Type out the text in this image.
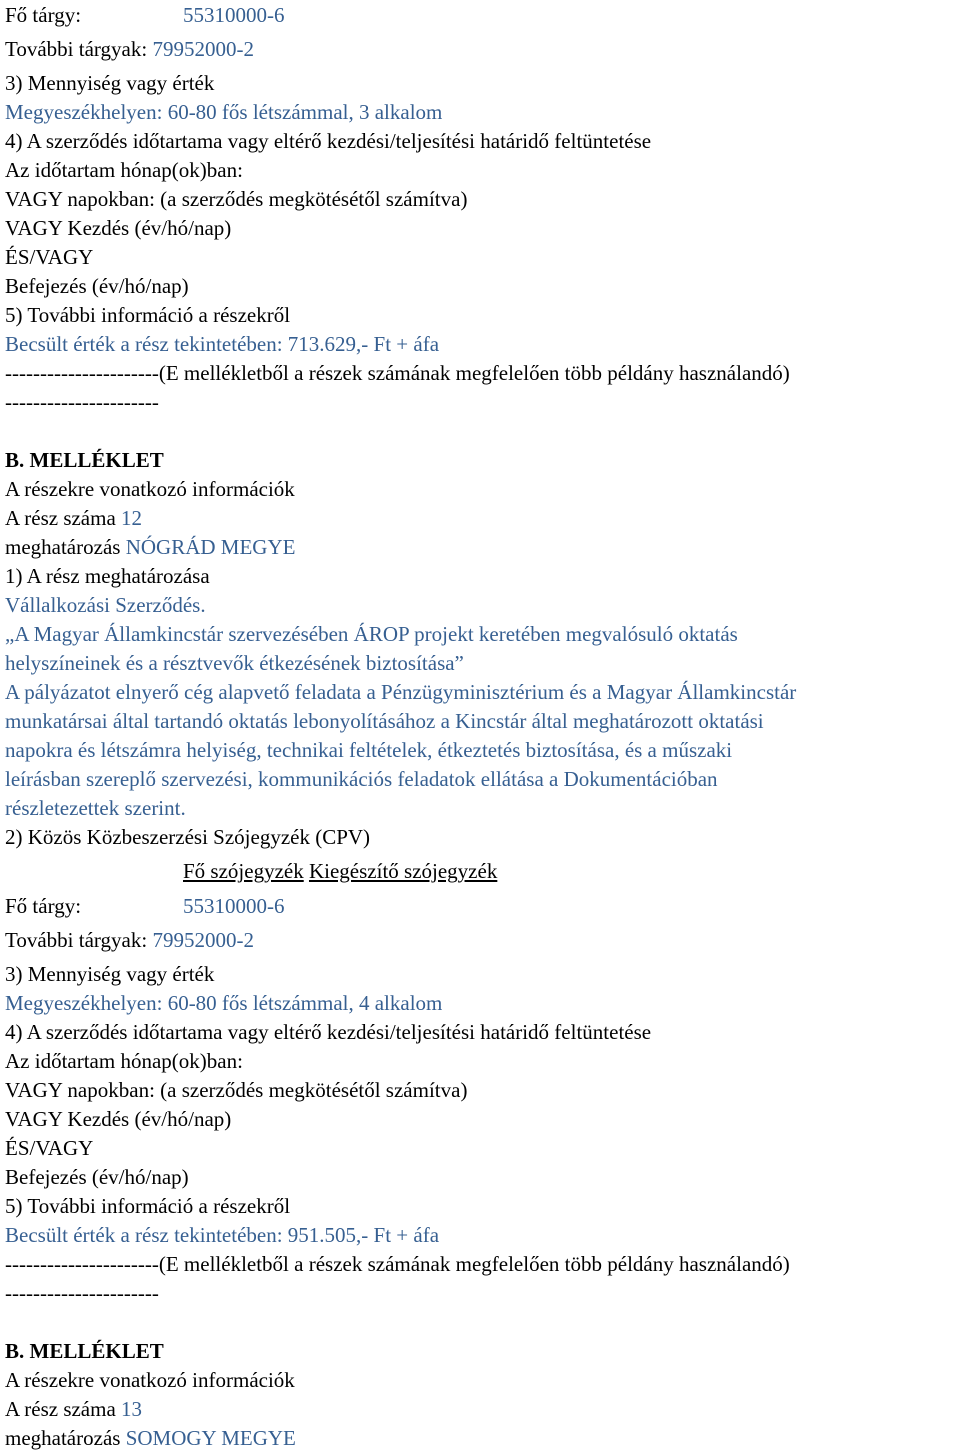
Fő tárgy:	55310000-6
További tárgyak: 79952000-2
3) Mennyiség vagy érték
Megyeszékhelyen: 60-80 fős létszámmal, 3 alkalom
4) A szerződés időtartama vagy eltérő kezdési/teljesítési határidő feltüntetése
Az időtartam hónap(ok)ban:
VAGY napokban: (a szerződés megkötésétől számítva)
VAGY Kezdés (év/hó/nap)
ÉS/VAGY
Befejezés (év/hó/nap)
5) További információ a részekről
Becsült érték a rész tekintetében: 713.629,- Ft + áfa
----------------------(E mellékletből a részek számának megfelelően több példány használandó)
----------------------
B. MELLÉKLET
A részekre vonatkozó információk
A rész száma 12
meghatározás NÓGRÁD MEGYE
1) A rész meghatározása
Vállalkozási Szerződés.
„A Magyar Államkincstár szervezésében ÁROP projekt keretében megvalósuló oktatás
helyszíneinek és a résztvevők étkezésének biztosítása”
A pályázatot elnyerő cég alapvető feladata a Pénzügyminisztérium és a Magyar Államkincstár
munkatársai által tartandó oktatás lebonyolításához a Kincstár által meghatározott oktatási
napokra és létszámra helyiség, technikai feltételek, étkeztetés biztosítása, és a műszaki
leírásban szereplő szervezési, kommunikációs feladatok ellátása a Dokumentációban
részletezettek szerint.
2) Közös Közbeszerzési Szójegyzék (CPV)
Fő szójegyzék Kiegészítő szójegyzék
Fő tárgy:	55310000-6
További tárgyak: 79952000-2
3) Mennyiség vagy érték
Megyeszékhelyen: 60-80 fős létszámmal, 4 alkalom
4) A szerződés időtartama vagy eltérő kezdési/teljesítési határidő feltüntetése
Az időtartam hónap(ok)ban:
VAGY napokban: (a szerződés megkötésétől számítva)
VAGY Kezdés (év/hó/nap)
ÉS/VAGY
Befejezés (év/hó/nap)
5) További információ a részekről
Becsült érték a rész tekintetében: 951.505,- Ft + áfa
----------------------(E mellékletből a részek számának megfelelően több példány használandó)
----------------------
B. MELLÉKLET
A részekre vonatkozó információk
A rész száma 13
meghatározás SOMOGY MEGYE
